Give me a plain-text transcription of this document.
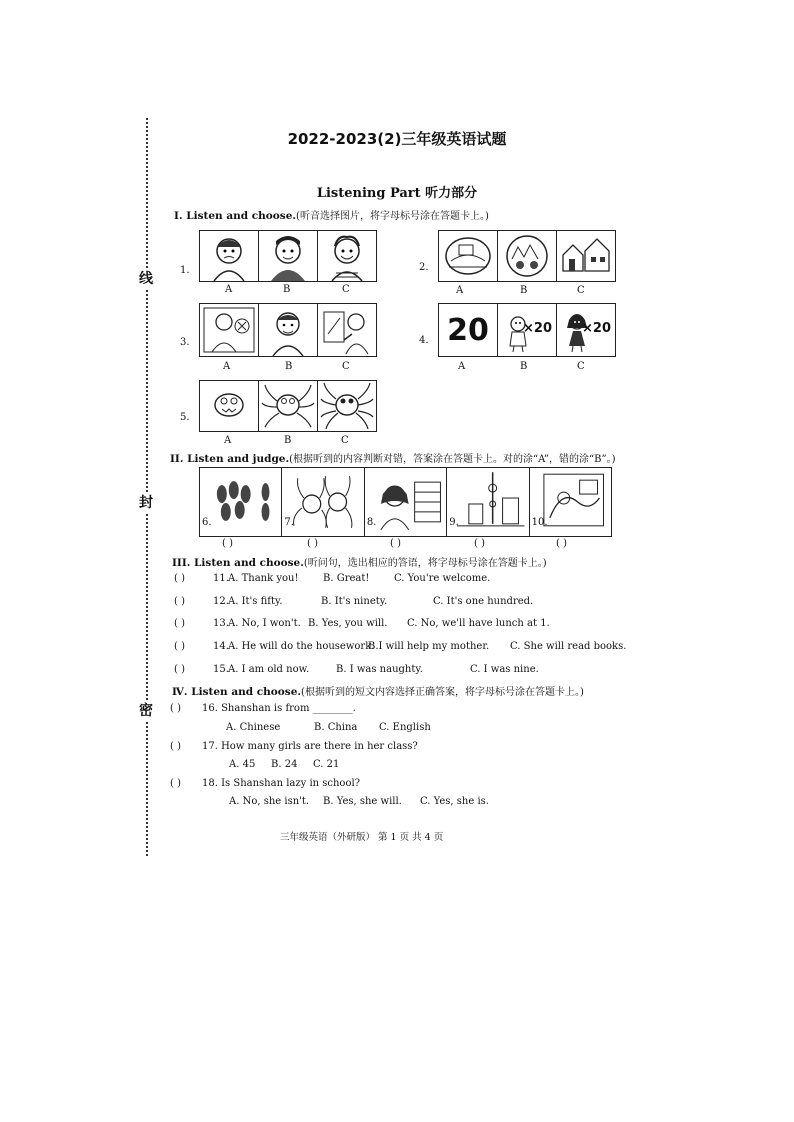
线
封
密
2022-2023(2)三年级英语试题
Listening Part 听力部分
I. Listen and choose.(听音选择图片，将字母标号涂在答题卡上。)
1.
A	B	C
2.
A	B	C
3.
A	B	C
4. 20	×20 ×20
A	B	C
5.
A	B	C
II. Listen and judge.(根据听到的内容判断对错，答案涂在答题卡上。对的涂“A”，错的涂“B”。)
6.	7.	8.	9.	10.
( )	( )	( )	( )	( )
III. Listen and choose.(听问句，选出相应的答语，将字母标号涂在答题卡上。)
( )	11. A. Thank you! B. Great! C. You're welcome.
( )	12. A. It's fifty.	B. It's ninety.	C. It's one hundred.
( )	13. A. No, I won't. B. Yes, you will. C. No, we'll have lunch at 1.
( )	14. A. He will do the housework.
B.I will help my mother. C. She will read books.
( )	15. A. I am old now.	B. I was naughty.	C. I was nine.
Ⅳ. Listen and choose.(根据听到的短文内容选择正确答案，将字母标号涂在答题卡上。)
( ) 16. Shanshan is from ________.
A. Chinese	B. China C. English
( ) 17. How many girls are there in her class?
A. 45 B. 24 C. 21
( ) 18. Is Shanshan lazy in school?
A. No, she isn't. B. Yes, she will. C. Yes, she is.
三年级英语（外研版） 第 1 页 共 4 页
